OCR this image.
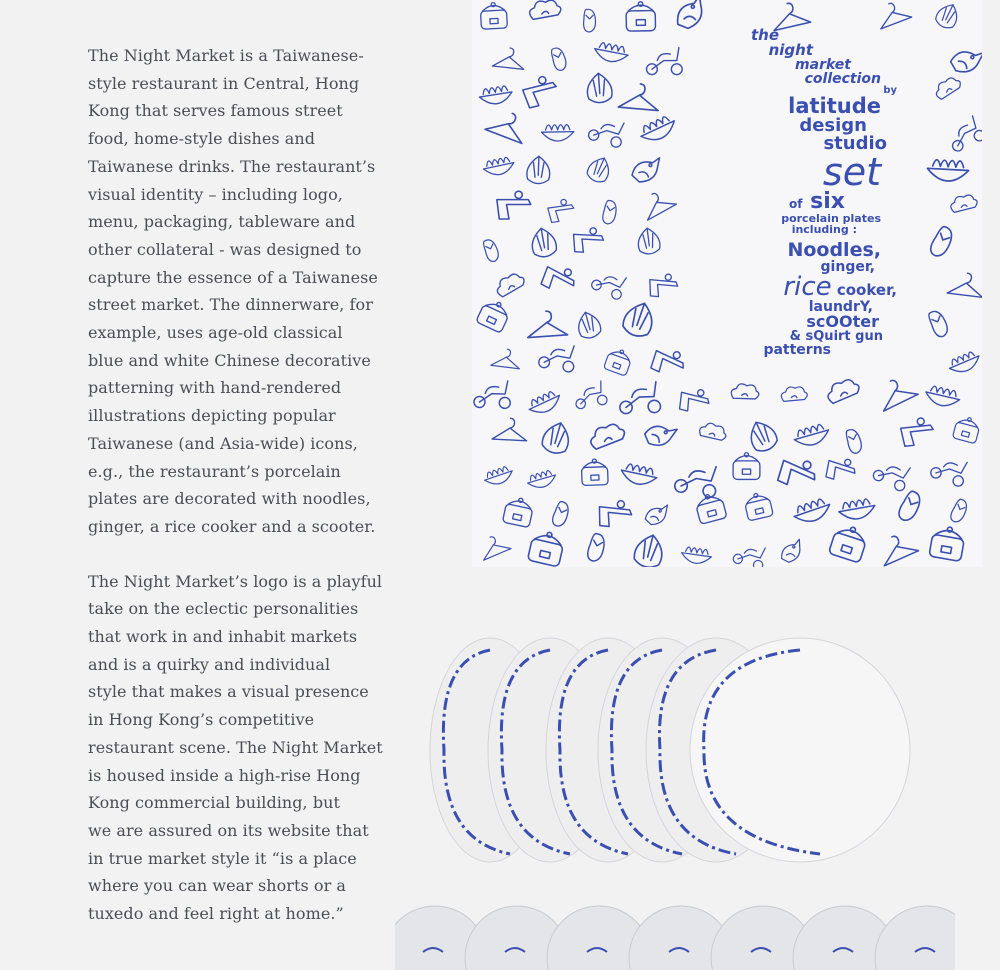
The Night Market is a Taiwanese-
style restaurant in Central, Hong
Kong that serves famous street
food, home-style dishes and
Taiwanese drinks. The restaurant’s
visual identity – including logo,
menu, packaging, tableware and
other collateral - was designed to
capture the essence of a Taiwanese
street market. The dinnerware, for
example, uses age-old classical
blue and white Chinese decorative
patterning with hand-rendered
illustrations depicting popular
Taiwanese (and Asia-wide) icons,
e.g., the restaurant’s porcelain
plates are decorated with noodles,
ginger, a rice cooker and a scooter.

The Night Market’s logo is a playful
take on the eclectic personalities
that work in and inhabit markets
and is a quirky and individual
style that makes a visual presence
in Hong Kong’s competitive
restaurant scene. The Night Market
is housed inside a high-rise Hong
Kong commercial building, but
we are assured on its website that
in true market style it “is a place
where you can wear shorts or a
tuxedo and feel right at home.”

the
night
market
collection
by
latitude
design
studio
set
of six
porcelain plates
including :
Noodles,
ginger,
rice cooker,
laundrY,
scOOter
& sQuirt gun
patterns
